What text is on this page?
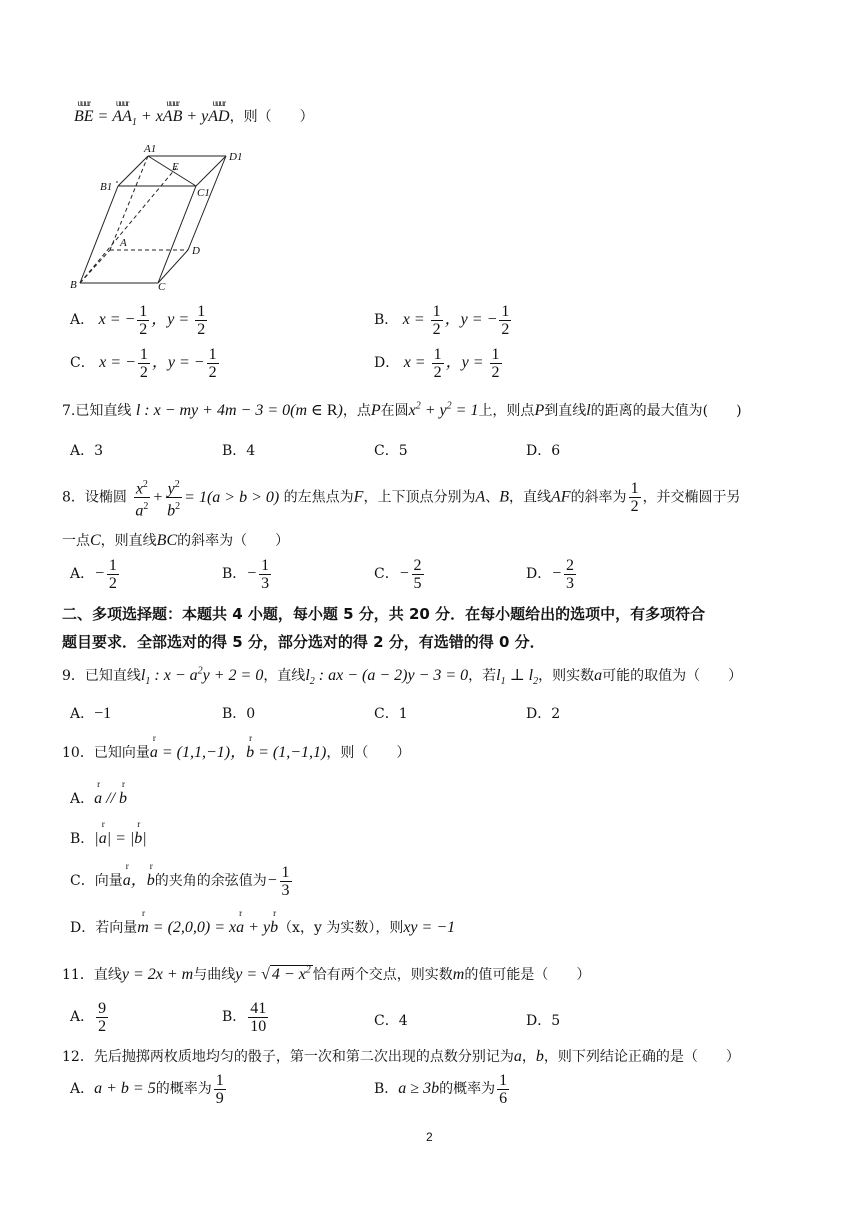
uuur BE = uuur $AA_1$ + xuuur AB + yuuur AD，则（　　）
A1
D1
E
B1	C1
A
D
B	C
A． x = − $\frac{1}{2}$ ，$y = \frac{1}{2}$	B． $x = \frac{1}{2}$ ，y = − $\frac{1}{2}$
C． x = − $\frac{1}{2}$ ，y = − $\frac{1}{2}$	D． $x = \frac{1}{2}$ ，$y = \frac{1}{2}$
7.已知直线 l : x − my + 4m − 3 = 0(m ∈ R)，点P在圆$x^2 + y^2 = 1$上，则点P到直线l的距离的最大值为(　　)
A．3	B．4	C．5	D．6
8．设椭圆 $\frac{x^2}{a^2} + \frac{y^2}{b^2} = 1(a > b > 0)$ 的左焦点为F，上下顶点分别为A、B，直线AF的斜率为 $\frac{1}{2}$ ，并交椭圆于另
一点C，则直线BC的斜率为（　　）
A．− $\frac{1}{2}$	B．− $\frac{1}{3}$	C．− $\frac{2}{5}$	D．− $\frac{2}{3}$
二、多项选择题：本题共 4 小题，每小题 5 分，共 20 分．在每小题给出的选项中，有多项符合
题目要求．全部选对的得 5 分，部分选对的得 2 分，有选错的得 0 分．
9．已知直线$l_1$ : $x - a^2y + 2 = 0$，直线$l_2$ : ax − (a − 2)y − 3 = 0，若$l_1$ ⊥ $l_2$，则实数a可能的取值为（　　）
A．−1	B．0	C．1	D．2
10．已知向量r a = (1,1,−1)，r b = (1,−1,1)，则（　　）
A．r a // r b
B．|r a| = |r b|
C．向量r a，r b的夹角的余弦值为− $\frac{1}{3}$
D．若向量r m = (2,0,0) = xr a + yr b（x，y 为实数），则xy = −1
11．直线y = 2x + m与曲线y = √ $4 - x^2$ 恰有两个交点，则实数m的值可能是（　　）
A． $\frac{9}{2}$	B． $\frac{41}{10}$	C．4	D．5
12．先后抛掷两枚质地均匀的骰子，第一次和第二次出现的点数分别记为a，b，则下列结论正确的是（　　）
A．a + b = 5的概率为 $\frac{1}{9}$	B．a ≥ 3b的概率为 $\frac{1}{6}$
2
